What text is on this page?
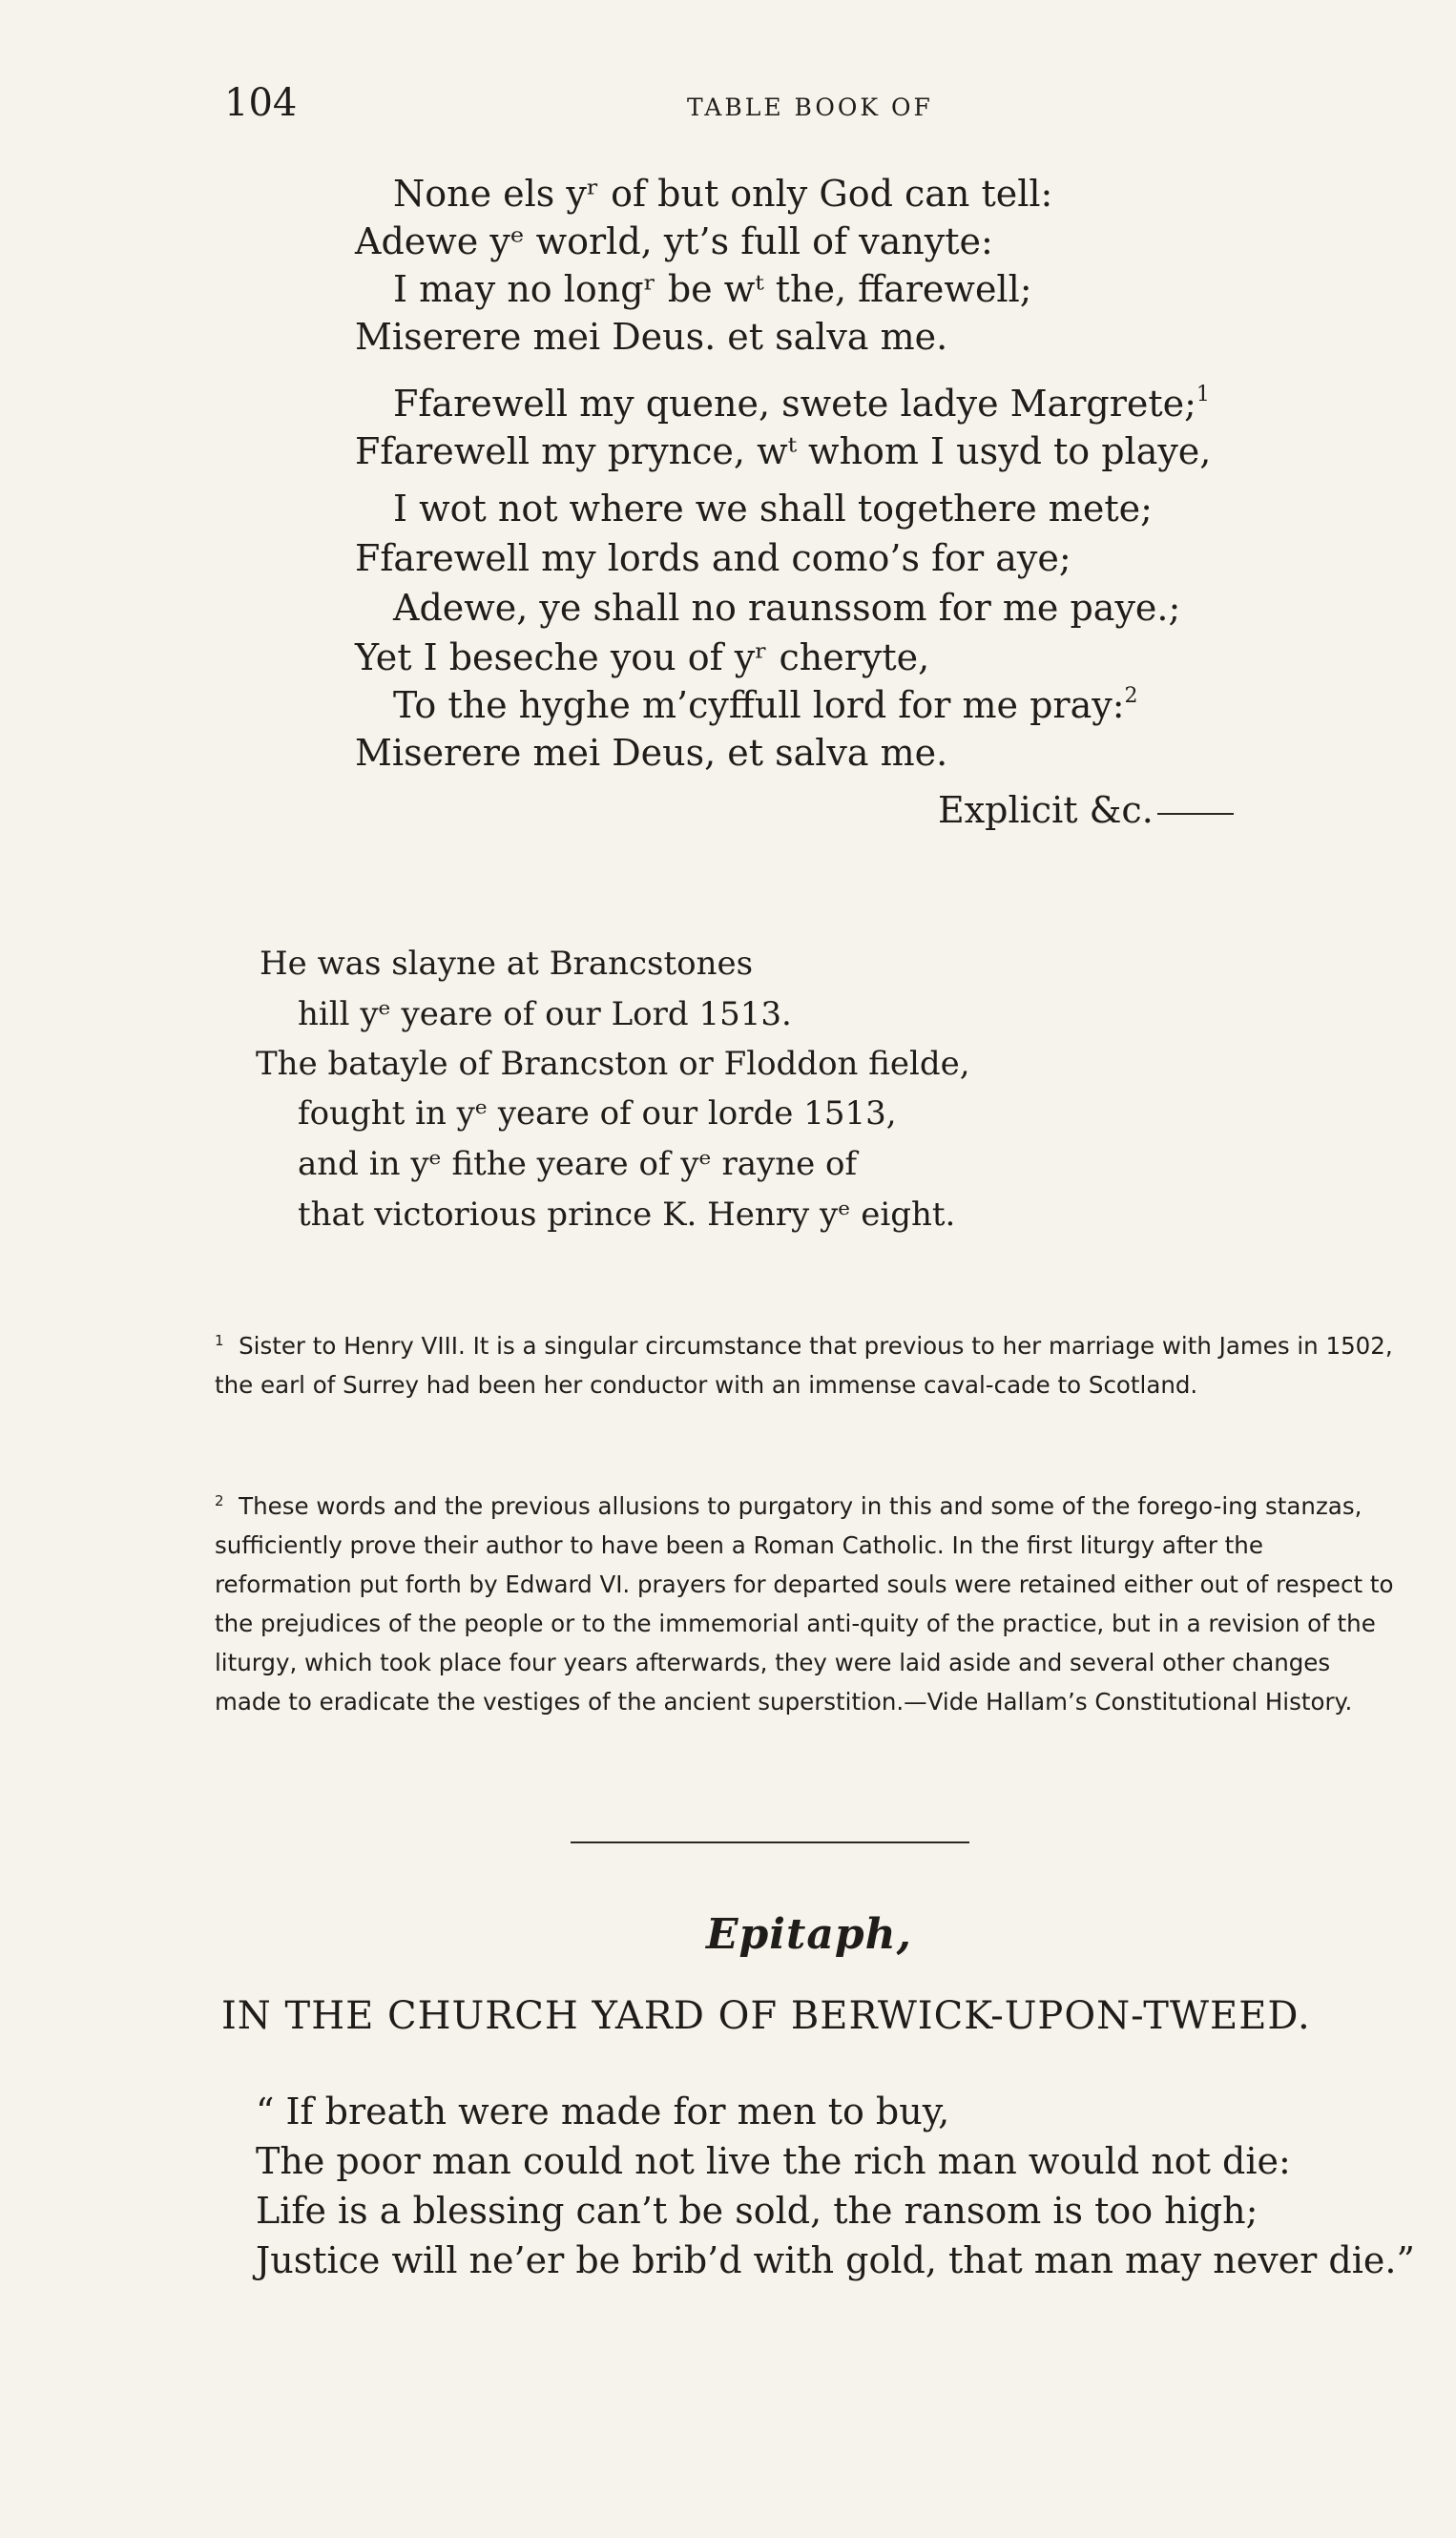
104	TABLE BOOK OF
None els yʳ of but only God can tell:
Adewe yᵉ world, yt’s full of vanyte:
I may no longʳ be wᵗ the, ffarewell;
Miserere mei Deus. et salva me.
Ffarewell my quene, swete ladye Margrete;$^1$
Ffarewell my prynce, wᵗ whom I usyd to playe,
I wot not where we shall togethere mete;
Ffarewell my lords and como’s for aye;
Adewe, ye shall no raunssom for me paye.;
Yet I beseche you of yʳ cheryte,
To the hyghe m’cyffull lord for me pray:$^2$
Miserere mei Deus, et salva me.
Explicit &c.
He was slayne at Brancstones
hill yᵉ yeare of our Lord 1513.
The batayle of Brancston or Floddon fielde,
fought in yᵉ yeare of our lorde 1513,
and in yᵉ fithe yeare of yᵉ rayne of
that victorious prince K. Henry yᵉ eight.
$^1$ Sister to Henry VIII. It is a singular circumstance that previous to her marriage with James in 1502, the earl of Surrey had been her conductor with an immense caval-cade to Scotland.
$^2$ These words and the previous allusions to purgatory in this and some of the forego-ing stanzas, sufficiently prove their author to have been a Roman Catholic. In the first liturgy after the reformation put forth by Edward VI. prayers for departed souls were retained either out of respect to the prejudices of the people or to the immemorial anti-quity of the practice, but in a revision of the liturgy, which took place four years afterwards, they were laid aside and several other changes made to eradicate the vestiges of the ancient superstition.—Vide Hallam’s Constitutional History.
Epitaph,
IN THE CHURCH YARD OF BERWICK-UPON-TWEED.
“ If breath were made for men to buy,
The poor man could not live the rich man would not die:
Life is a blessing can’t be sold, the ransom is too high;
Justice will ne’er be brib’d with gold, that man may never die.”
